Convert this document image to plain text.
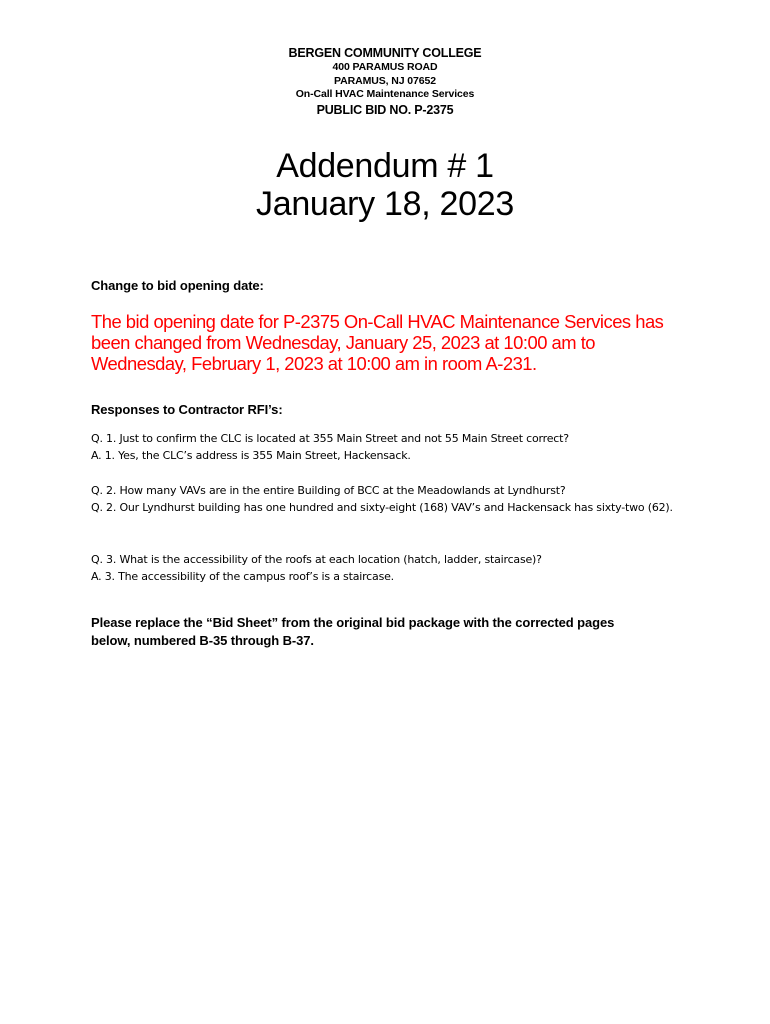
BERGEN COMMUNITY COLLEGE
400 PARAMUS ROAD
PARAMUS, NJ 07652
On-Call HVAC Maintenance Services
PUBLIC BID NO. P-2375
Addendum # 1
January 18, 2023
Change to bid opening date:
The bid opening date for P-2375 On-Call HVAC Maintenance Services has
been changed from Wednesday, January 25, 2023 at 10:00 am to
Wednesday, February 1, 2023 at 10:00 am in room A-231.
Responses to Contractor RFI’s:

Q. 1. Just to confirm the CLC is located at 355 Main Street and not 55 Main Street correct?

A. 1. Yes, the CLC’s address is 355 Main Street, Hackensack.

Q. 2. How many VAVs are in the entire Building of BCC at the Meadowlands at Lyndhurst?

Q. 2. Our Lyndhurst building has one hundred and sixty-eight (168) VAV’s and Hackensack has sixty-two (62).

Q. 3. What is the accessibility of the roofs at each location (hatch, ladder, staircase)?

A. 3. The accessibility of the campus roof’s is a staircase.

Please replace the “Bid Sheet” from the original bid package with the corrected pages
below, numbered B-35 through B-37.
